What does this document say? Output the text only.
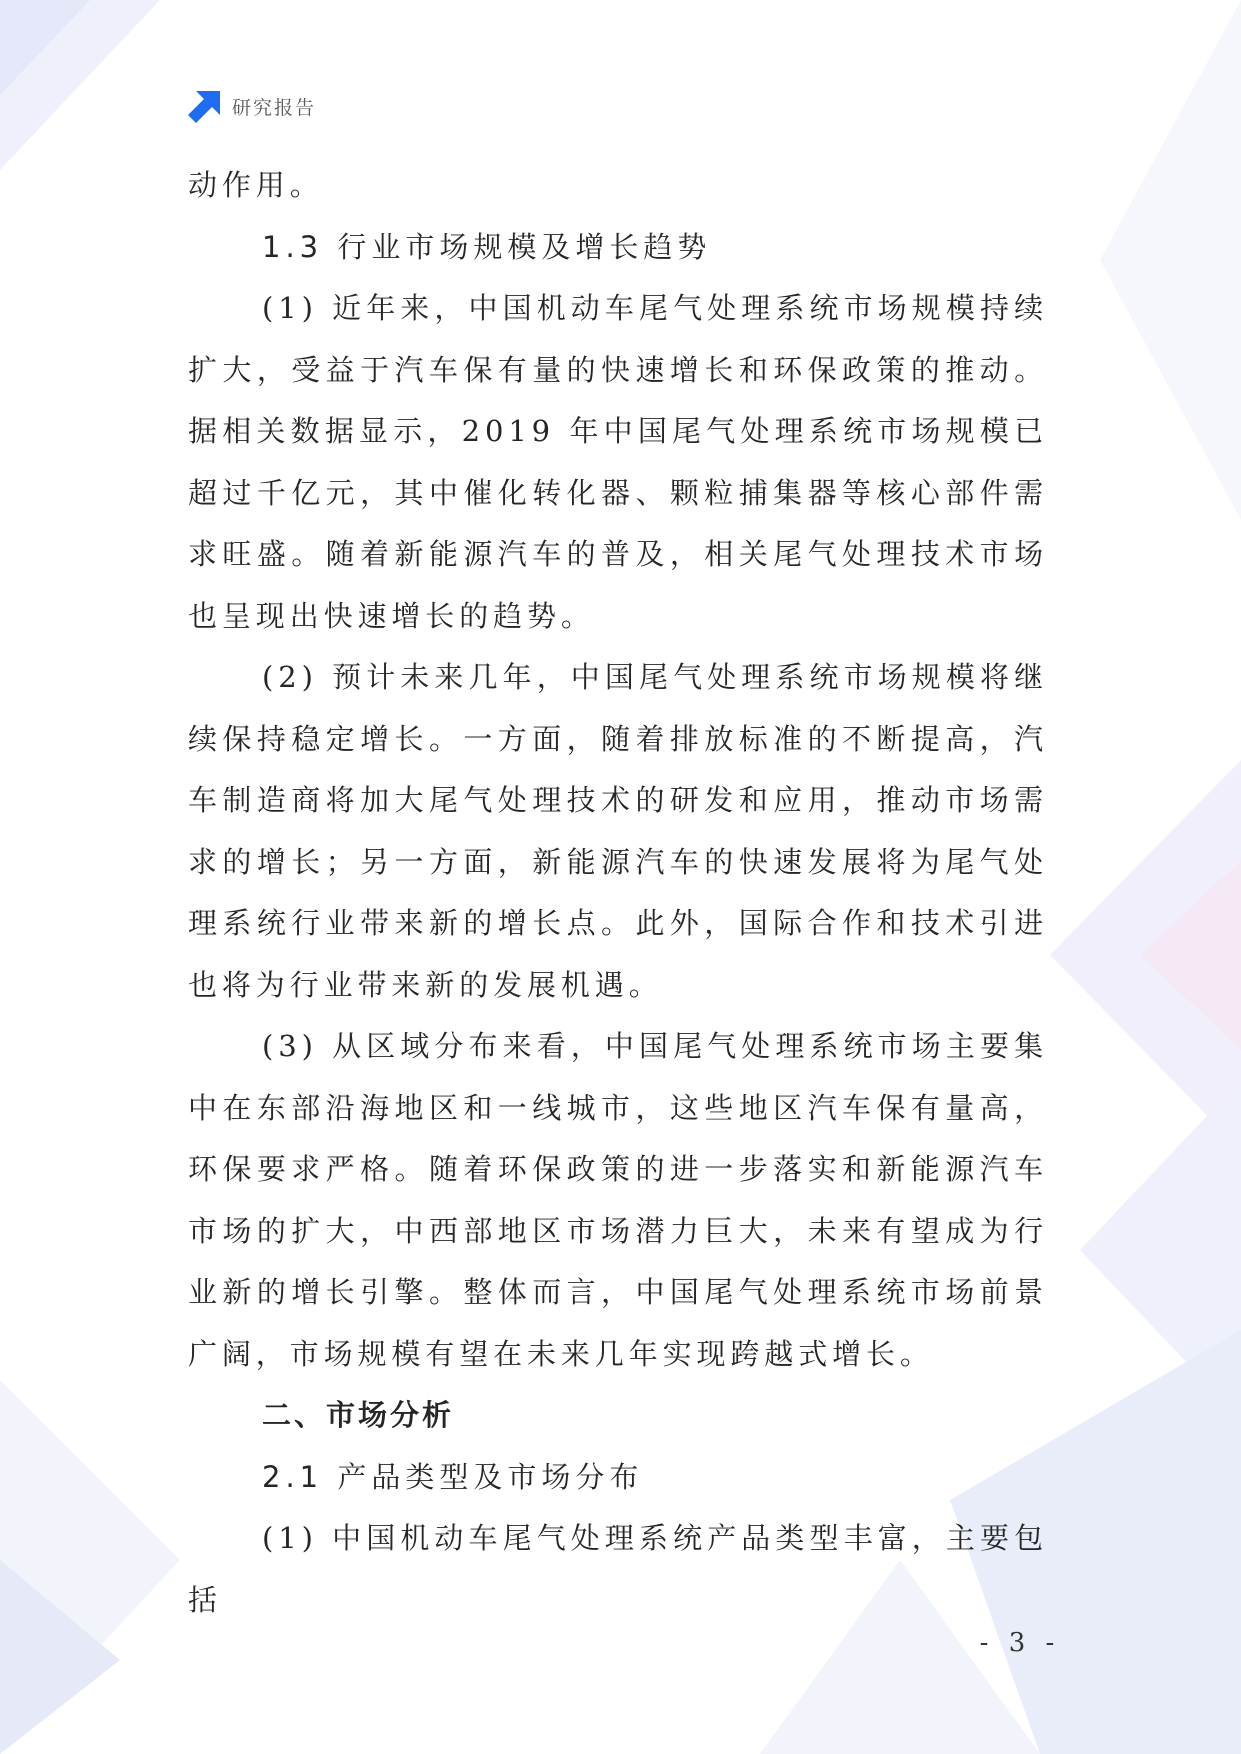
研究报告

动作用。

1.3 行业市场规模及增长趋势

(1) 近年来，中国机动车尾气处理系统市场规模持续扩大，受益于汽车保有量的快速增长和环保政策的推动。据相关数据显示，2019 年中国尾气处理系统市场规模已超过千亿元，其中催化转化器、颗粒捕集器等核心部件需求旺盛。随着新能源汽车的普及，相关尾气处理技术市场也呈现出快速增长的趋势。

(2) 预计未来几年，中国尾气处理系统市场规模将继续保持稳定增长。一方面，随着排放标准的不断提高，汽车制造商将加大尾气处理技术的研发和应用，推动市场需求的增长；另一方面，新能源汽车的快速发展将为尾气处理系统行业带来新的增长点。此外，国际合作和技术引进也将为行业带来新的发展机遇。

(3) 从区域分布来看，中国尾气处理系统市场主要集中在东部沿海地区和一线城市，这些地区汽车保有量高，环保要求严格。随着环保政策的进一步落实和新能源汽车市场的扩大，中西部地区市场潜力巨大，未来有望成为行业新的增长引擎。整体而言，中国尾气处理系统市场前景广阔，市场规模有望在未来几年实现跨越式增长。

二、市场分析

2.1 产品类型及市场分布

(1) 中国机动车尾气处理系统产品类型丰富，主要包括

- 3 -
